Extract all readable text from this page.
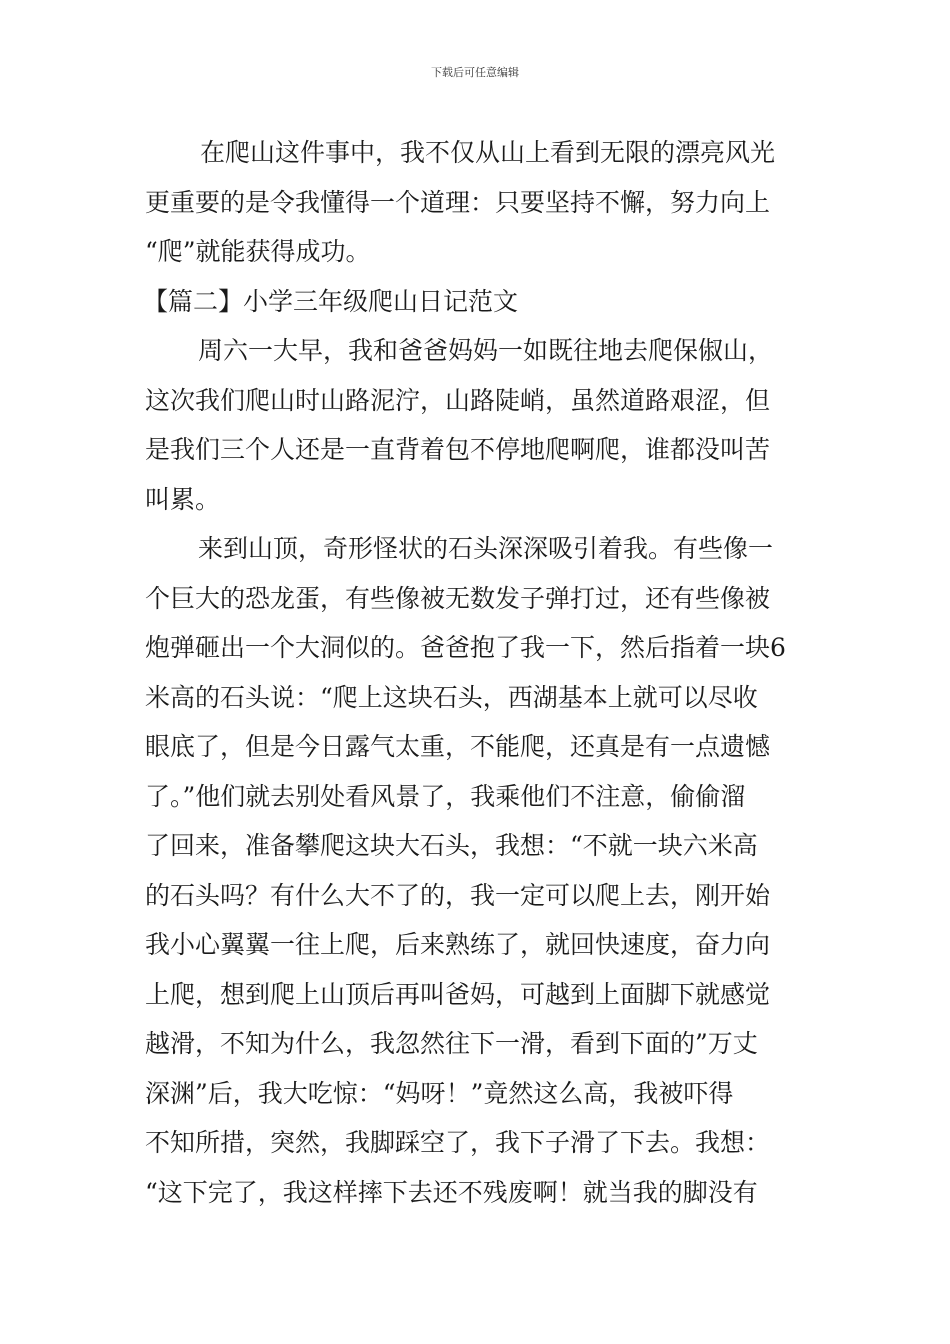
下载后可任意编辑
在爬山这件事中，我不仅从山上看到无限的漂亮风光
更重要的是令我懂得一个道理：只要坚持不懈，努力向上
“爬”就能获得成功。
【篇二】小学三年级爬山日记范文
周六一大早，我和爸爸妈妈一如既往地去爬保俶山，
这次我们爬山时山路泥泞，山路陡峭，虽然道路艰涩，但
是我们三个人还是一直背着包不停地爬啊爬，谁都没叫苦
叫累。
来到山顶，奇形怪状的石头深深吸引着我。有些像一
个巨大的恐龙蛋，有些像被无数发子弹打过，还有些像被
炮弹砸出一个大洞似的。爸爸抱了我一下，然后指着一块6
米高的石头说：“爬上这块石头，西湖基本上就可以尽收
眼底了，但是今日露气太重，不能爬，还真是有一点遗憾
了。”他们就去别处看风景了，我乘他们不注意，偷偷溜
了回来，准备攀爬这块大石头，我想：“不就一块六米高
的石头吗？有什么大不了的，我一定可以爬上去，刚开始
我小心翼翼一往上爬，后来熟练了，就回快速度，奋力向
上爬，想到爬上山顶后再叫爸妈，可越到上面脚下就感觉
越滑，不知为什么，我忽然往下一滑，看到下面的”万丈
深渊”后，我大吃惊：“妈呀！”竟然这么高，我被吓得
不知所措，突然，我脚踩空了，我下子滑了下去。我想：
“这下完了，我这样摔下去还不残废啊！就当我的脚没有
